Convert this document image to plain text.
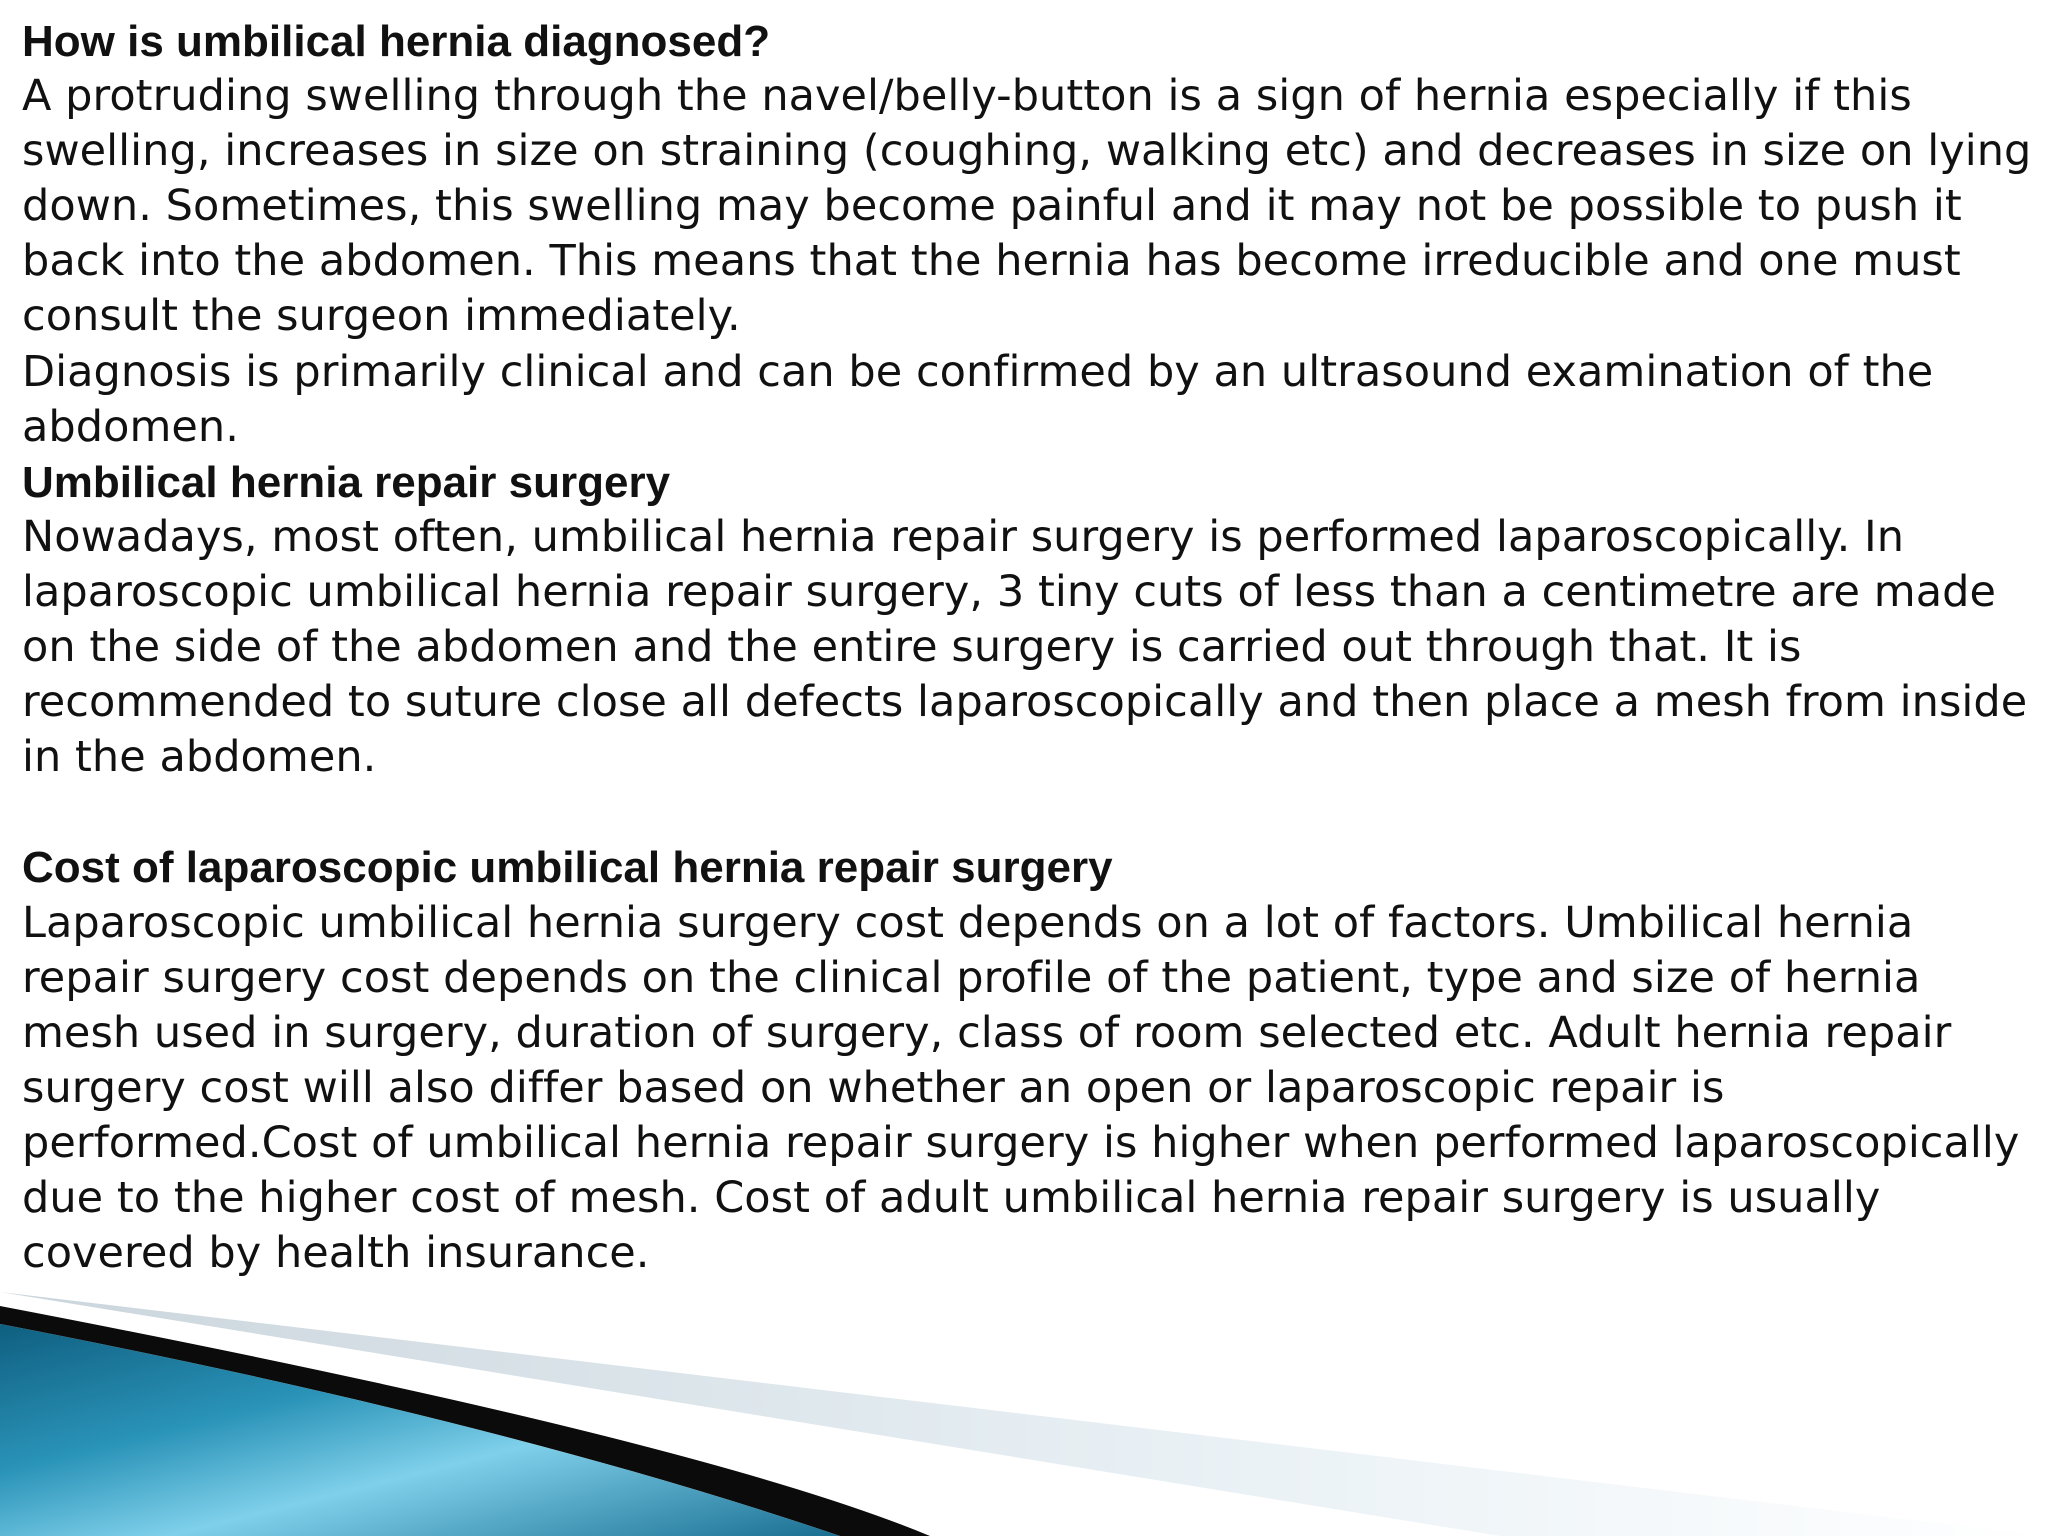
How is umbilical hernia diagnosed?

A protruding swelling through the navel/belly-button is a sign of hernia especially if this swelling, increases in size on straining (coughing, walking etc) and decreases in size on lying down. Sometimes, this swelling may become painful and it may not be possible to push it back into the abdomen. This means that the hernia has become irreducible and one must consult the surgeon immediately.

Diagnosis is primarily clinical and can be confirmed by an ultrasound examination of the abdomen.

Umbilical hernia repair surgery

Nowadays, most often, umbilical hernia repair surgery is performed laparoscopically. In laparoscopic umbilical hernia repair surgery, 3 tiny cuts of less than a centimetre are made on the side of the abdomen and the entire surgery is carried out through that. It is recommended to suture close all defects laparoscopically and then place a mesh from inside in the abdomen.

Cost of laparoscopic umbilical hernia repair surgery

Laparoscopic umbilical hernia surgery cost depends on a lot of factors. Umbilical hernia repair surgery cost depends on the clinical profile of the patient, type and size of hernia mesh used in surgery, duration of surgery, class of room selected etc. Adult hernia repair surgery cost will also differ based on whether an open or laparoscopic repair is performed.Cost of umbilical hernia repair surgery is higher when performed laparoscopically due to the higher cost of mesh. Cost of adult umbilical hernia repair surgery is usually covered by health insurance.
